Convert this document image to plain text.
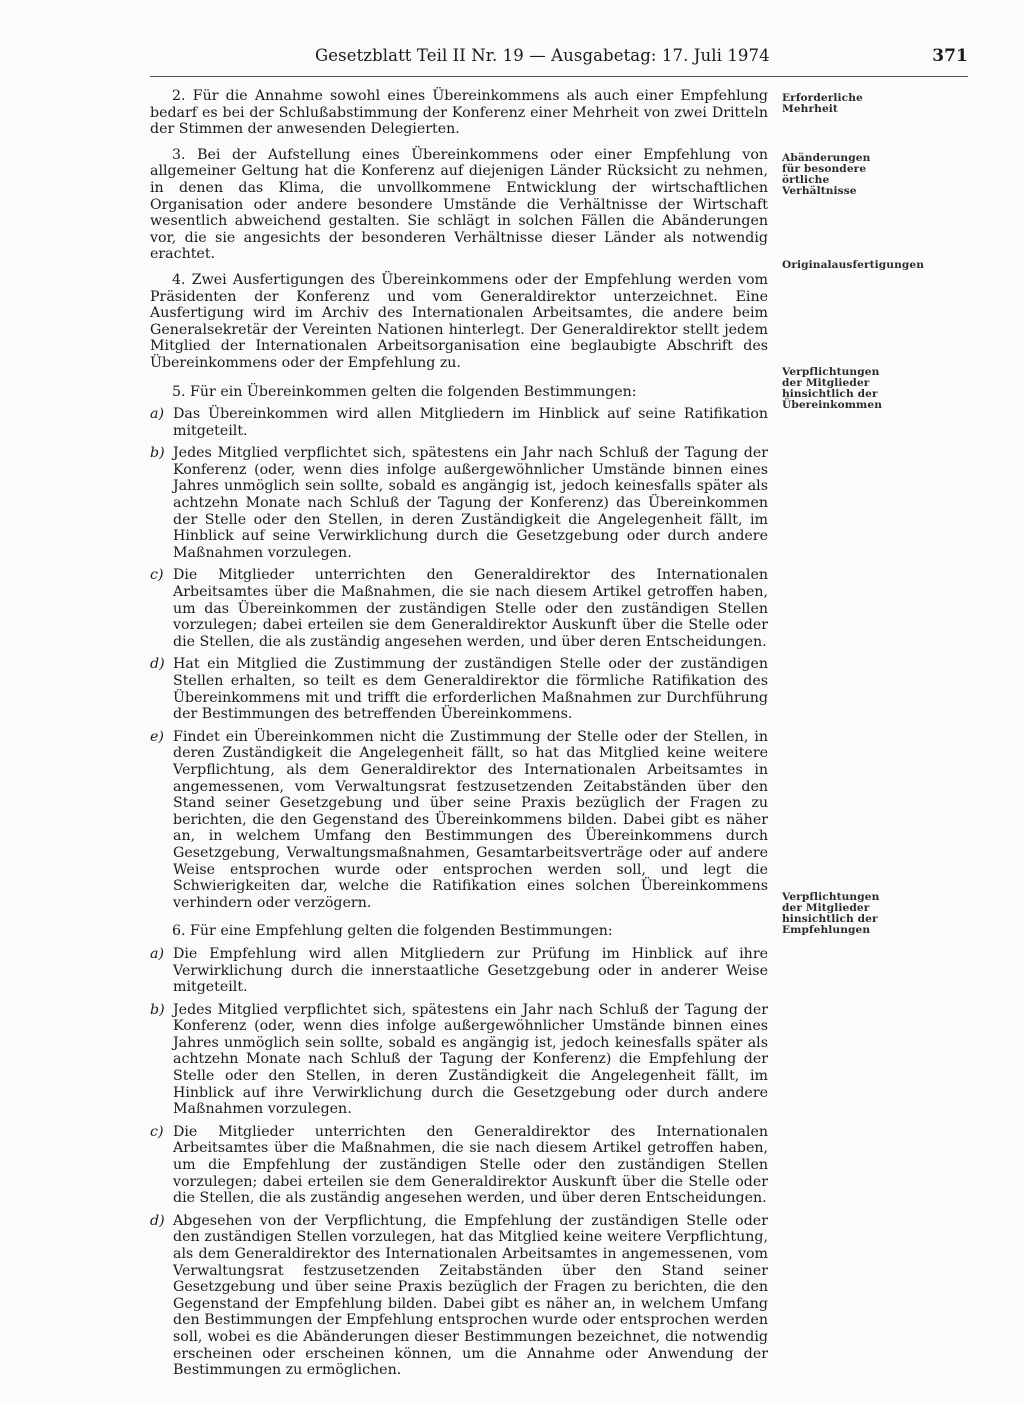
Gesetzblatt Teil II Nr. 19 — Ausgabetag: 17. Juli 1974	371

2. Für die Annahme sowohl eines Übereinkommens als auch einer Empfehlung bedarf es bei der Schlußabstimmung der Konferenz einer Mehrheit von zwei Dritteln der Stimmen der anwesenden Delegierten.

3. Bei der Aufstellung eines Übereinkommens oder einer Empfehlung von allgemeiner Geltung hat die Konferenz auf diejenigen Länder Rücksicht zu nehmen, in denen das Klima, die unvollkommene Entwicklung der wirtschaftlichen Organisation oder andere besondere Umstände die Verhältnisse der Wirtschaft wesentlich abweichend gestalten. Sie schlägt in solchen Fällen die Abänderungen vor, die sie angesichts der besonderen Verhältnisse dieser Länder als notwendig erachtet.

4. Zwei Ausfertigungen des Übereinkommens oder der Empfehlung werden vom Präsidenten der Konferenz und vom Generaldirektor unterzeichnet. Eine Ausfertigung wird im Archiv des Internationalen Arbeitsamtes, die andere beim Generalsekretär der Vereinten Nationen hinterlegt. Der Generaldirektor stellt jedem Mitglied der Internationalen Arbeitsorganisation eine beglaubigte Abschrift des Übereinkommens oder der Empfehlung zu.

5. Für ein Übereinkommen gelten die folgenden Bestimmungen:

a) Das Übereinkommen wird allen Mitgliedern im Hinblick auf seine Ratifikation mitgeteilt.
b) Jedes Mitglied verpflichtet sich, spätestens ein Jahr nach Schluß der Tagung der Konferenz (oder, wenn dies infolge außergewöhnlicher Umstände binnen eines Jahres unmöglich sein sollte, sobald es angängig ist, jedoch keinesfalls später als achtzehn Monate nach Schluß der Tagung der Konferenz) das Übereinkommen der Stelle oder den Stellen, in deren Zuständigkeit die Angelegenheit fällt, im Hinblick auf seine Verwirklichung durch die Gesetzgebung oder durch andere Maßnahmen vorzulegen.
c) Die Mitglieder unterrichten den Generaldirektor des Internationalen Arbeitsamtes über die Maßnahmen, die sie nach diesem Artikel getroffen haben, um das Übereinkommen der zuständigen Stelle oder den zuständigen Stellen vorzulegen; dabei erteilen sie dem Generaldirektor Auskunft über die Stelle oder die Stellen, die als zuständig angesehen werden, und über deren Entscheidungen.
d) Hat ein Mitglied die Zustimmung der zuständigen Stelle oder der zuständigen Stellen erhalten, so teilt es dem Generaldirektor die förmliche Ratifikation des Übereinkommens mit und trifft die erforderlichen Maßnahmen zur Durchführung der Bestimmungen des betreffenden Übereinkommens.
e) Findet ein Übereinkommen nicht die Zustimmung der Stelle oder der Stellen, in deren Zuständigkeit die Angelegenheit fällt, so hat das Mitglied keine weitere Verpflichtung, als dem Generaldirektor des Internationalen Arbeitsamtes in angemessenen, vom Verwaltungsrat festzusetzenden Zeitabständen über den Stand seiner Gesetzgebung und über seine Praxis bezüglich der Fragen zu berichten, die den Gegenstand des Übereinkommens bilden. Dabei gibt es näher an, in welchem Umfang den Bestimmungen des Übereinkommens durch Gesetzgebung, Verwaltungsmaßnahmen, Gesamtarbeitsverträge oder auf andere Weise entsprochen wurde oder entsprochen werden soll, und legt die Schwierigkeiten dar, welche die Ratifikation eines solchen Übereinkommens verhindern oder verzögern.

6. Für eine Empfehlung gelten die folgenden Bestimmungen:

a) Die Empfehlung wird allen Mitgliedern zur Prüfung im Hinblick auf ihre Verwirklichung durch die innerstaatliche Gesetzgebung oder in anderer Weise mitgeteilt.
b) Jedes Mitglied verpflichtet sich, spätestens ein Jahr nach Schluß der Tagung der Konferenz (oder, wenn dies infolge außergewöhnlicher Umstände binnen eines Jahres unmöglich sein sollte, sobald es angängig ist, jedoch keinesfalls später als achtzehn Monate nach Schluß der Tagung der Konferenz) die Empfehlung der Stelle oder den Stellen, in deren Zuständigkeit die Angelegenheit fällt, im Hinblick auf ihre Verwirklichung durch die Gesetzgebung oder durch andere Maßnahmen vorzulegen.
c) Die Mitglieder unterrichten den Generaldirektor des Internationalen Arbeitsamtes über die Maßnahmen, die sie nach diesem Artikel getroffen haben, um die Empfehlung der zuständigen Stelle oder den zuständigen Stellen vorzulegen; dabei erteilen sie dem Generaldirektor Auskunft über die Stelle oder die Stellen, die als zuständig angesehen werden, und über deren Entscheidungen.
d) Abgesehen von der Verpflichtung, die Empfehlung der zuständigen Stelle oder den zuständigen Stellen vorzulegen, hat das Mitglied keine weitere Verpflichtung, als dem Generaldirektor des Internationalen Arbeitsamtes in angemessenen, vom Verwaltungsrat festzusetzenden Zeitabständen über den Stand seiner Gesetzgebung und über seine Praxis bezüglich der Fragen zu berichten, die den Gegenstand der Empfehlung bilden. Dabei gibt es näher an, in welchem Umfang den Bestimmungen der Empfehlung entsprochen wurde oder entsprochen werden soll, wobei es die Abänderungen dieser Bestimmungen bezeichnet, die notwendig erscheinen oder erscheinen können, um die Annahme oder Anwendung der Bestimmungen zu ermöglichen.
Erforderliche Mehrheit
Abänderungen für besondere örtliche Verhältnisse
Originalausfertigungen
Verpflichtungen der Mitglieder hinsichtlich der Übereinkommen
Verpflichtungen der Mitglieder hinsichtlich der Empfehlungen
